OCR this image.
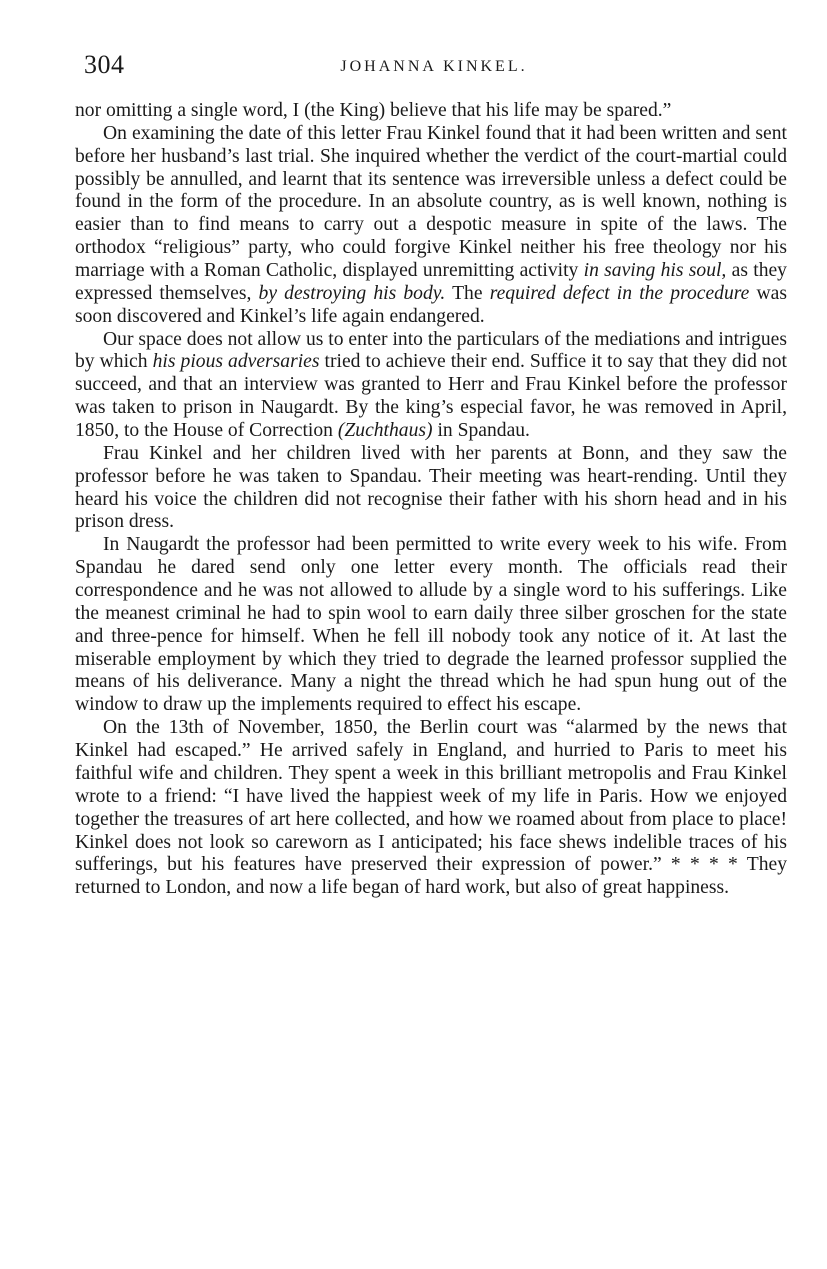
304	JOHANNA KINKEL.

nor omitting a single word, I (the King) believe that his life may be spared.”

On examining the date of this letter Frau Kinkel found that it had been written and sent before her husband’s last trial. She inquired whether the verdict of the court-martial could possibly be annulled, and learnt that its sentence was irreversible unless a defect could be found in the form of the procedure. In an absolute country, as is well known, nothing is easier than to find means to carry out a despotic measure in spite of the laws. The orthodox “religious” party, who could forgive Kinkel neither his free theology nor his marriage with a Roman Catholic, displayed unremitting activity in saving his soul, as they expressed themselves, by destroying his body. The required defect in the procedure was soon discovered and Kinkel’s life again endangered.

Our space does not allow us to enter into the particulars of the mediations and intrigues by which his pious adversaries tried to achieve their end. Suffice it to say that they did not succeed, and that an interview was granted to Herr and Frau Kinkel before the professor was taken to prison in Naugardt. By the king’s especial favor, he was removed in April, 1850, to the House of Correction (Zuchthaus) in Spandau.

Frau Kinkel and her children lived with her parents at Bonn, and they saw the professor before he was taken to Spandau. Their meeting was heart-rending. Until they heard his voice the children did not recognise their father with his shorn head and in his prison dress.

In Naugardt the professor had been permitted to write every week to his wife. From Spandau he dared send only one letter every month. The officials read their correspondence and he was not allowed to allude by a single word to his sufferings. Like the meanest criminal he had to spin wool to earn daily three silber groschen for the state and three-pence for himself. When he fell ill nobody took any notice of it. At last the miserable employment by which they tried to degrade the learned professor supplied the means of his deliverance. Many a night the thread which he had spun hung out of the window to draw up the implements required to effect his escape.

On the 13th of November, 1850, the Berlin court was “alarmed by the news that Kinkel had escaped.” He arrived safely in England, and hurried to Paris to meet his faithful wife and children. They spent a week in this brilliant metropolis and Frau Kinkel wrote to a friend: “I have lived the happiest week of my life in Paris. How we enjoyed together the treasures of art here collected, and how we roamed about from place to place! Kinkel does not look so careworn as I anticipated; his face shews indelible traces of his sufferings, but his features have preserved their expression of power.” * * * * They returned to London, and now a life began of hard work, but also of great happiness.
